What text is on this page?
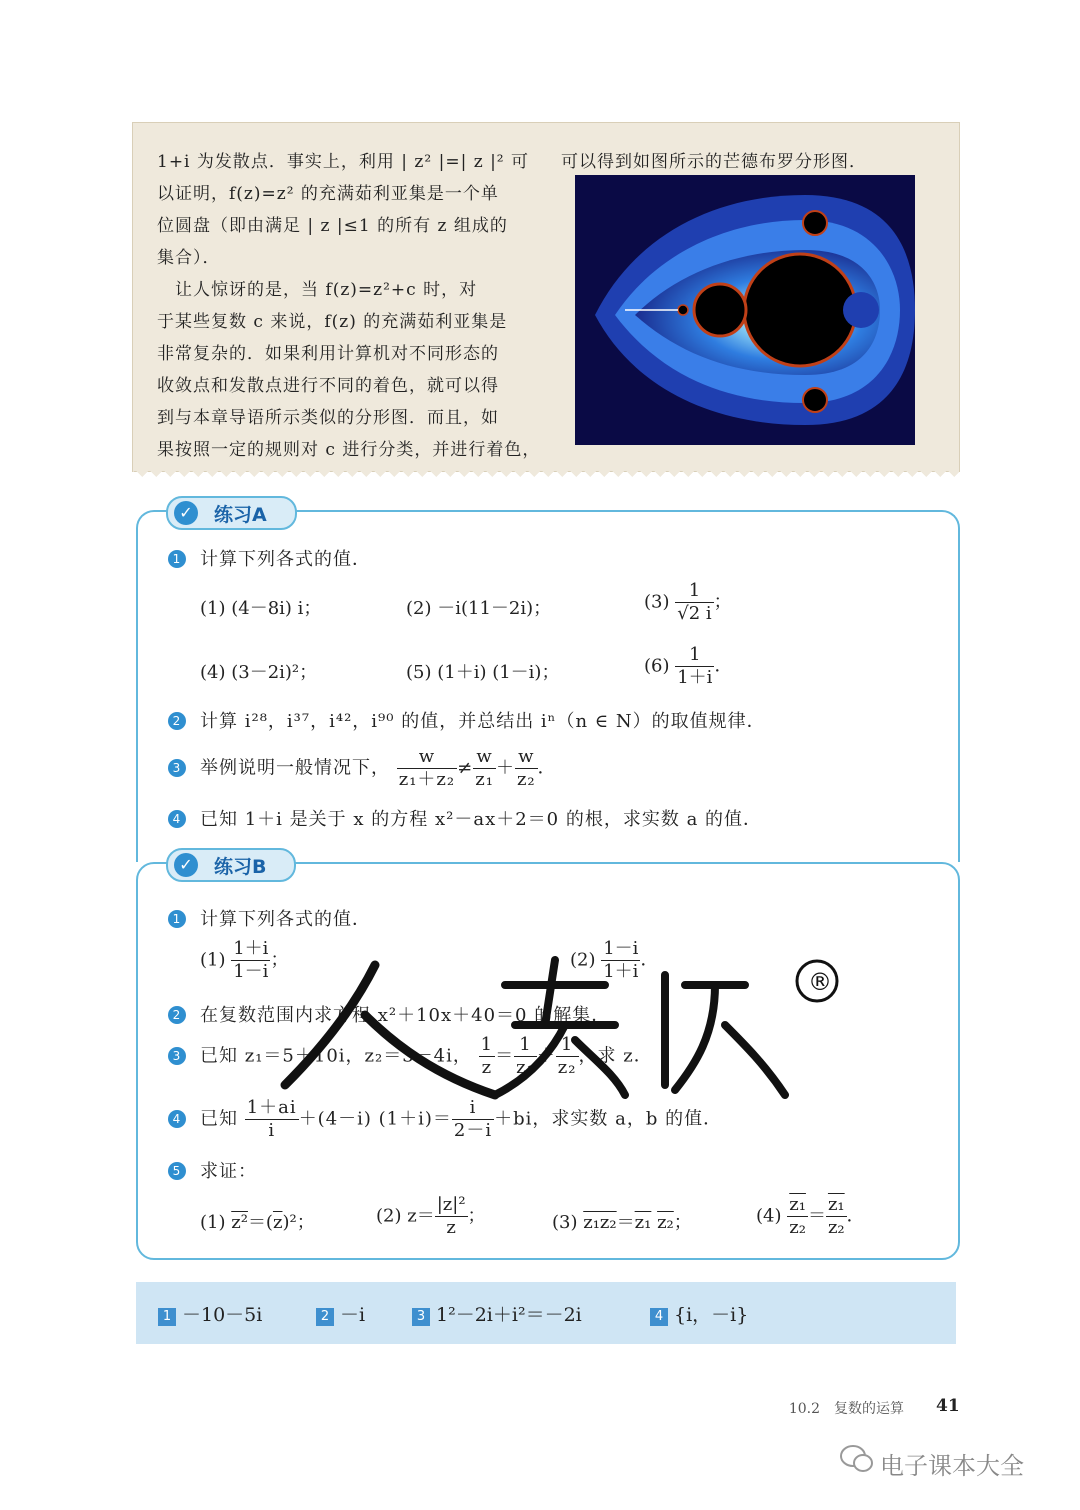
1+i 为发散点．事实上，利用 | z² |=| z |² 可
以证明，f(z)=z² 的充满茹利亚集是一个单
位圆盘（即由满足 | z |≤1 的所有 z 组成的
集合）．
　让人惊讶的是，当 f(z)=z²+c 时，对
于某些复数 c 来说，f(z) 的充满茹利亚集是
非常复杂的．如果利用计算机对不同形态的
收敛点和发散点进行不同的着色，就可以得
到与本章导语所示类似的分形图．而且，如
果按照一定的规则对 c 进行分类，并进行着色，
可以得到如图所示的芒德布罗分形图．
✓ 练习A
1 计算下列各式的值．
(1) (4－8i) i；	(2) －i(11－2i)；	$(3) \frac{1}{√2 i}$ ；
(4) (3－2i)²；	(5) (1＋i) (1－i)；	$(6) \frac{1}{1+i}$ ．
2 计算 i²⁸，i³⁷，i⁴²，i⁹⁰ 的值，并总结出 iⁿ（n ∈ N）的取值规律．
3 举例说明一般情况下， $\frac{w}{\text{z₁＋z₂}} \ne \frac{w}{\text{z₁}} + \frac{w}{\text{z₂}}$ ．
4 已知 1＋i 是关于 x 的方程 x²－ax＋2＝0 的根，求实数 a 的值．
✓ 练习B
1 计算下列各式的值．
$(1) \frac{1+i}{1-i}$ ；	$(2) \frac{1-i}{1+i}$ ．
2 在复数范围内求方程 x²＋10x＋40＝0 的解集．
3 已知 z₁＝5＋10i，z₂＝3－4i， $\frac{1}{z} = \frac{1}{\text{z₁}} + \frac{1}{\text{z₂}}$ ，求 z．
4 已知 $\frac{1+ai}{i} +(4-i)$ $(1+i)= \frac{i}{2-i} +bi$，求实数 a，b 的值．
5 求证：
(1) $z^2=(\overline{z})^2$；	(2) $z= \frac{\text{|z|²}}{z}$ ；	(3) z₁z₂＝z₁ z₂；	$(4) \frac{\text{z₁}}{\text{z₂}} = \frac{\text{z₁}}{\text{z₂}}$ ．
®
1 －10－5i	2 －i	3 1²－2i＋i²＝－2i	4 {i，－i}
10.2　复数的运算 41
电子课本大全
